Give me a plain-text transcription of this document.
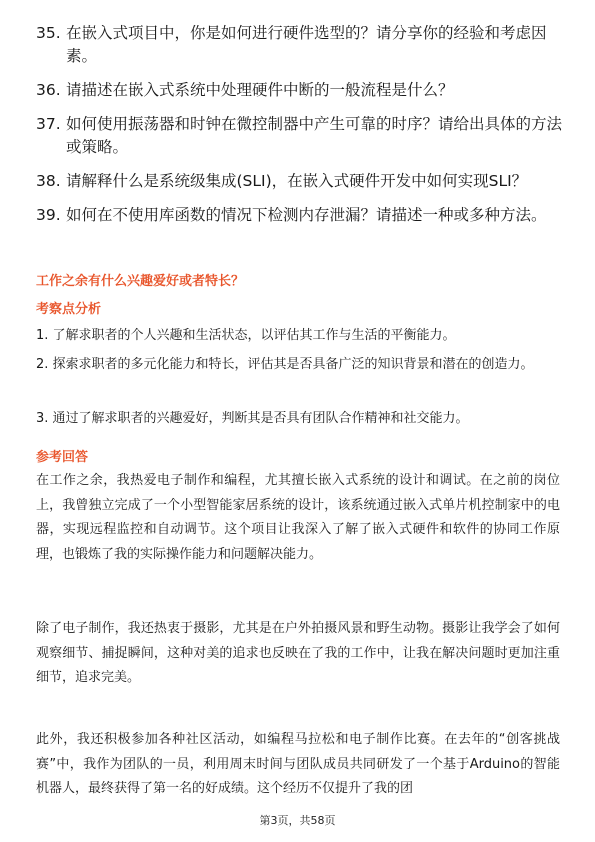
35. 在嵌入式项目中，你是如何进行硬件选型的？请分享你的经验和考虑因素。
36. 请描述在嵌入式系统中处理硬件中断的一般流程是什么？
37. 如何使用振荡器和时钟在微控制器中产生可靠的时序？请给出具体的方法或策略。
38. 请解释什么是系统级集成(SLI)，在嵌入式硬件开发中如何实现SLI？
39. 如何在不使用库函数的情况下检测内存泄漏？请描述一种或多种方法。
工作之余有什么兴趣爱好或者特长？
考察点分析
1. 了解求职者的个人兴趣和生活状态，以评估其工作与生活的平衡能力。
2. 探索求职者的多元化能力和特长，评估其是否具备广泛的知识背景和潜在的创造力。
3. 通过了解求职者的兴趣爱好，判断其是否具有团队合作精神和社交能力。
参考回答
在工作之余，我热爱电子制作和编程，尤其擅长嵌入式系统的设计和调试。在之前的岗位上，我曾独立完成了一个小型智能家居系统的设计，该系统通过嵌入式单片机控制家中的电器，实现远程监控和自动调节。这个项目让我深入了解了嵌入式硬件和软件的协同工作原理，也锻炼了我的实际操作能力和问题解决能力。
除了电子制作，我还热衷于摄影，尤其是在户外拍摄风景和野生动物。摄影让我学会了如何观察细节、捕捉瞬间，这种对美的追求也反映在了我的工作中，让我在解决问题时更加注重细节，追求完美。
此外，我还积极参加各种社区活动，如编程马拉松和电子制作比赛。在去年的“创客挑战赛”中，我作为团队的一员，利用周末时间与团队成员共同研发了一个基于Arduino的智能机器人，最终获得了第一名的好成绩。这个经历不仅提升了我的团
第3页，共58页
